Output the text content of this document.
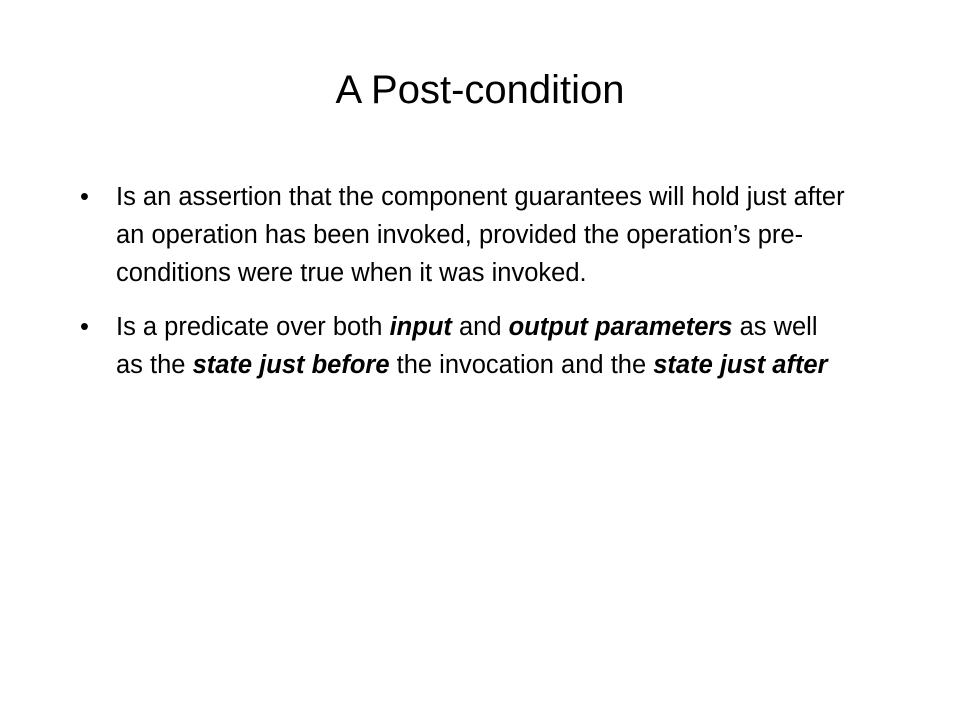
A Post-condition
•	Is an assertion that the component guarantees will hold just after an operation has been invoked, provided the operation’s pre-conditions were true when it was invoked.
•	Is a predicate over both input and output parameters as well as the state just before the invocation and the state just after
